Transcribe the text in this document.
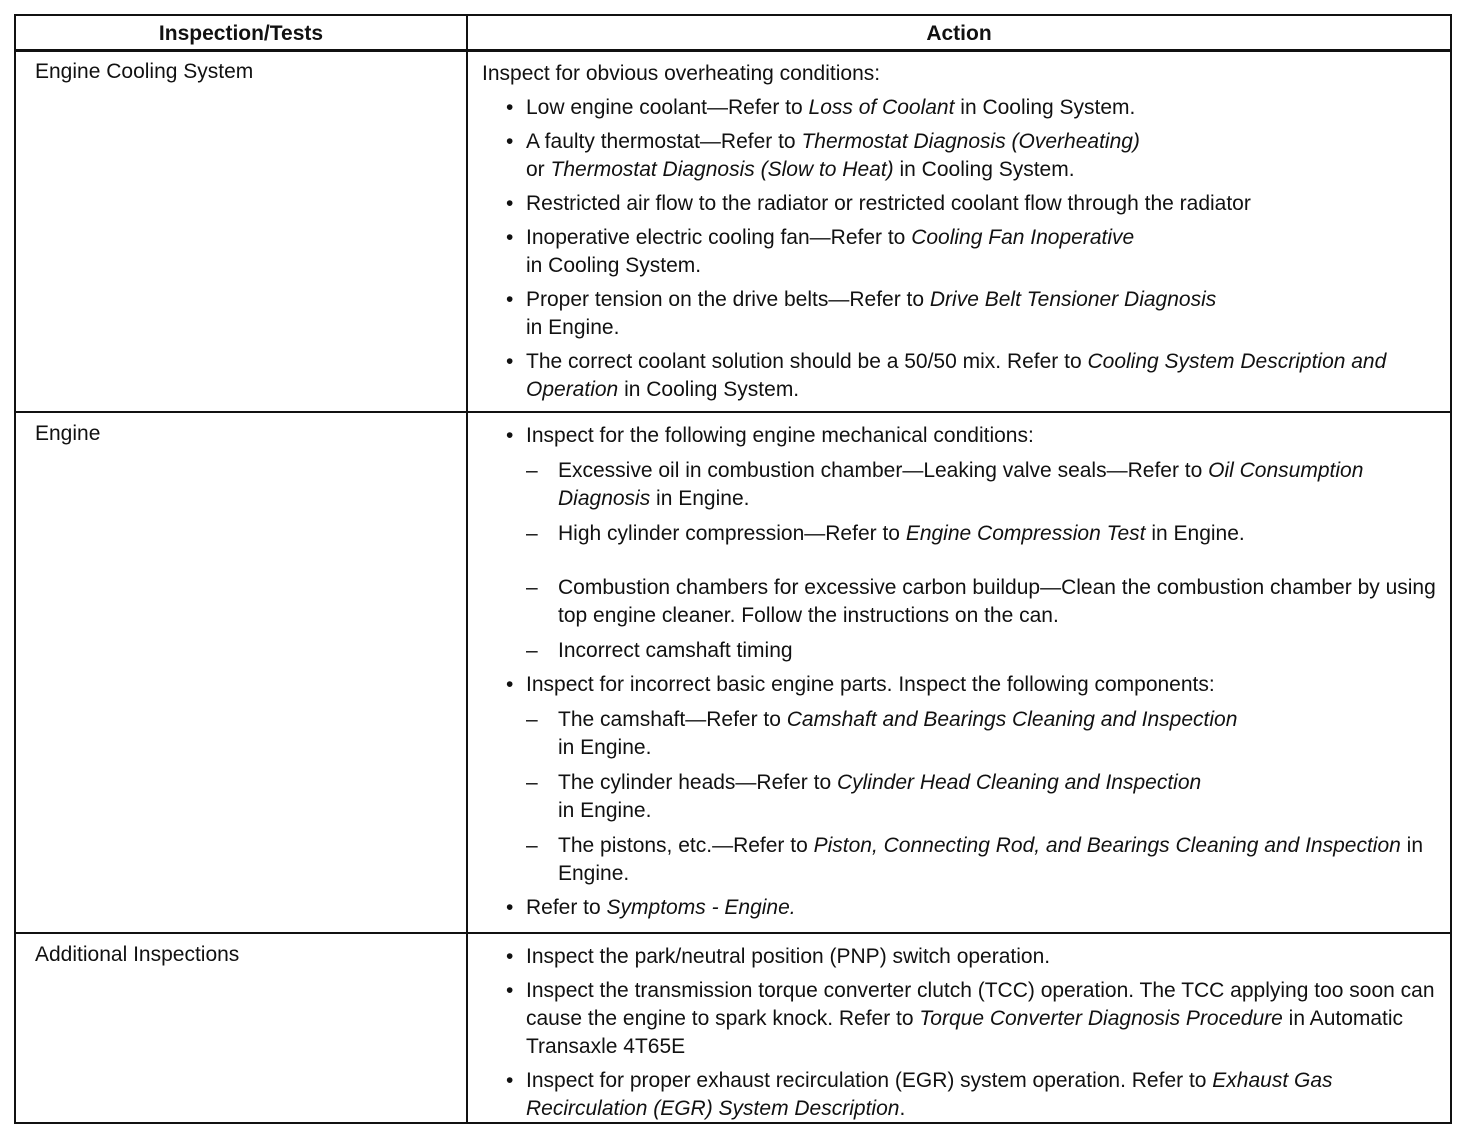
Inspection/Tests	Action
Engine Cooling System	Inspect for obvious overheating conditions:

• Low engine coolant—Refer to Loss of Coolant in Cooling System.
• A faulty thermostat—Refer to Thermostat Diagnosis (Overheating)
or Thermostat Diagnosis (Slow to Heat) in Cooling System.
• Restricted air flow to the radiator or restricted coolant flow through the radiator
• Inoperative electric cooling fan—Refer to Cooling Fan Inoperative
in Cooling System.
• Proper tension on the drive belts—Refer to Drive Belt Tensioner Diagnosis
in Engine.
• The correct coolant solution should be a 50/50 mix. Refer to Cooling System Description and Operation in Cooling System.
Engine	• Inspect for the following engine mechanical conditions:
– Excessive oil in combustion chamber—Leaking valve seals—Refer to Oil Consumption Diagnosis in Engine.
– High cylinder compression—Refer to Engine Compression Test in Engine.
– Combustion chambers for excessive carbon buildup—Clean the combustion chamber by using top engine cleaner. Follow the instructions on the can.
– Incorrect camshaft timing
• Inspect for incorrect basic engine parts. Inspect the following components:
– The camshaft—Refer to Camshaft and Bearings Cleaning and Inspection
in Engine.
– The cylinder heads—Refer to Cylinder Head Cleaning and Inspection
in Engine.
– The pistons, etc.—Refer to Piston, Connecting Rod, and Bearings Cleaning and Inspection in Engine.
• Refer to Symptoms - Engine.
Additional Inspections	• Inspect the park/neutral position (PNP) switch operation.
• Inspect the transmission torque converter clutch (TCC) operation. The TCC applying too soon can cause the engine to spark knock. Refer to Torque Converter Diagnosis Procedure in Automatic Transaxle 4T65E
• Inspect for proper exhaust recirculation (EGR) system operation. Refer to Exhaust Gas Recirculation (EGR) System Description.
